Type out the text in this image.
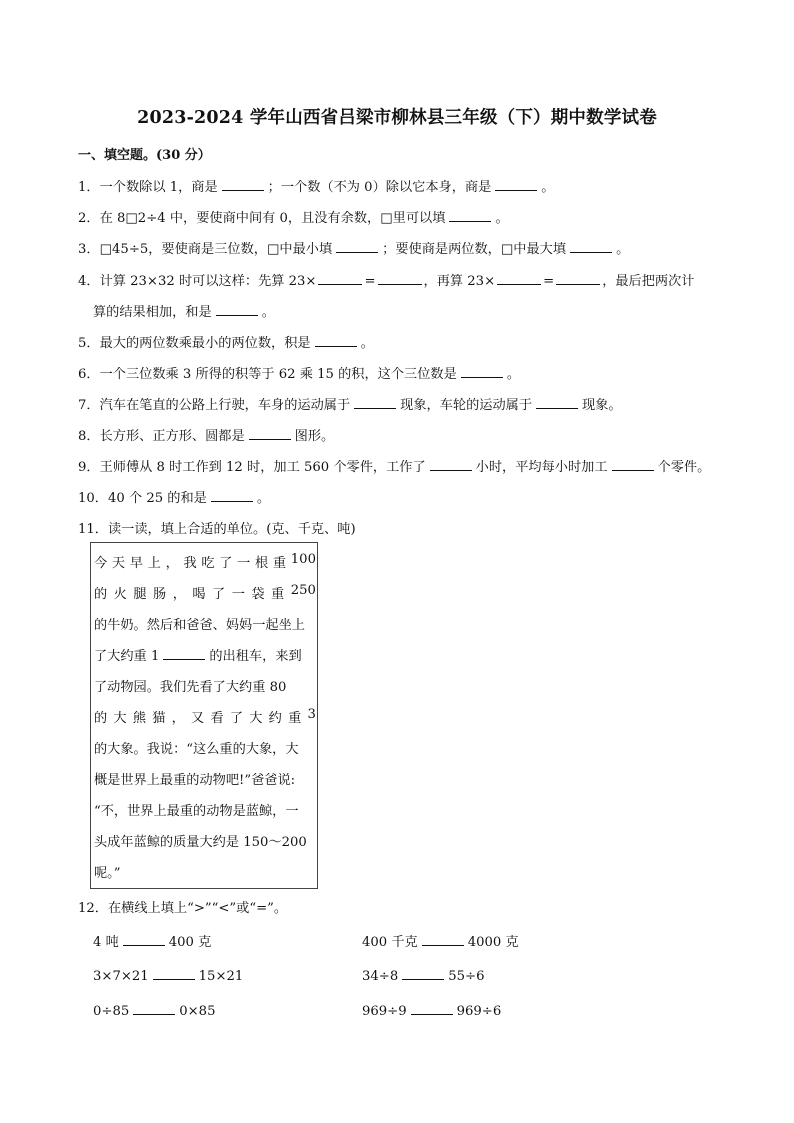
2023-2024 学年山西省吕梁市柳林县三年级（下）期中数学试卷
一、填空题。(30 分）
1．一个数除以 1，商是	；一个数（不为 0）除以它本身，商是	。
2．在 8□2÷4 中，要使商中间有 0，且没有余数，□里可以填	。
3．□45÷5，要使商是三位数，□中最小填	；要使商是两位数，□中最大填	。
4．计算 23×32 时可以这样：先算 23×	=	，再算 23×	=	，最后把两次计
算的结果相加，和是	。
5．最大的两位数乘最小的两位数，积是	。
6．一个三位数乘 3 所得的积等于 62 乘 15 的积，这个三位数是	。
7．汽车在笔直的公路上行驶，车身的运动属于	现象，车轮的运动属于	现象。
8．长方形、正方形、圆都是	图形。
9．王师傅从 8 时工作到 12 时，加工 560 个零件，工作了	小时，平均每小时加工	个零件。
10．40 个 25 的和是	。
11．读一读，填上合适的单位。(克、千克、吨)
今 天 早 上 ， 我 吃 了 一 根 重 100
的 火 腿 肠 ， 喝 了 一 袋 重 250
的牛奶。然后和爸爸、妈妈一起坐上
了大约重 1	的出租车，来到
了动物园。我们先看了大约重 80
的 大 熊 猫 ， 又 看 了 大 约 重 3
的大象。我说：“这么重的大象，大
概是世界上最重的动物吧!”爸爸说:
“不，世界上最重的动物是蓝鲸，一
头成年蓝鲸的质量大约是 150～200
呢。”
12．在横线上填上“>”“<”或“=”。
4 吨	400 克	400 千克	4000 克
3×7×21	15×21	34÷8	55÷6
0÷85	0×85	969÷9	969÷6
